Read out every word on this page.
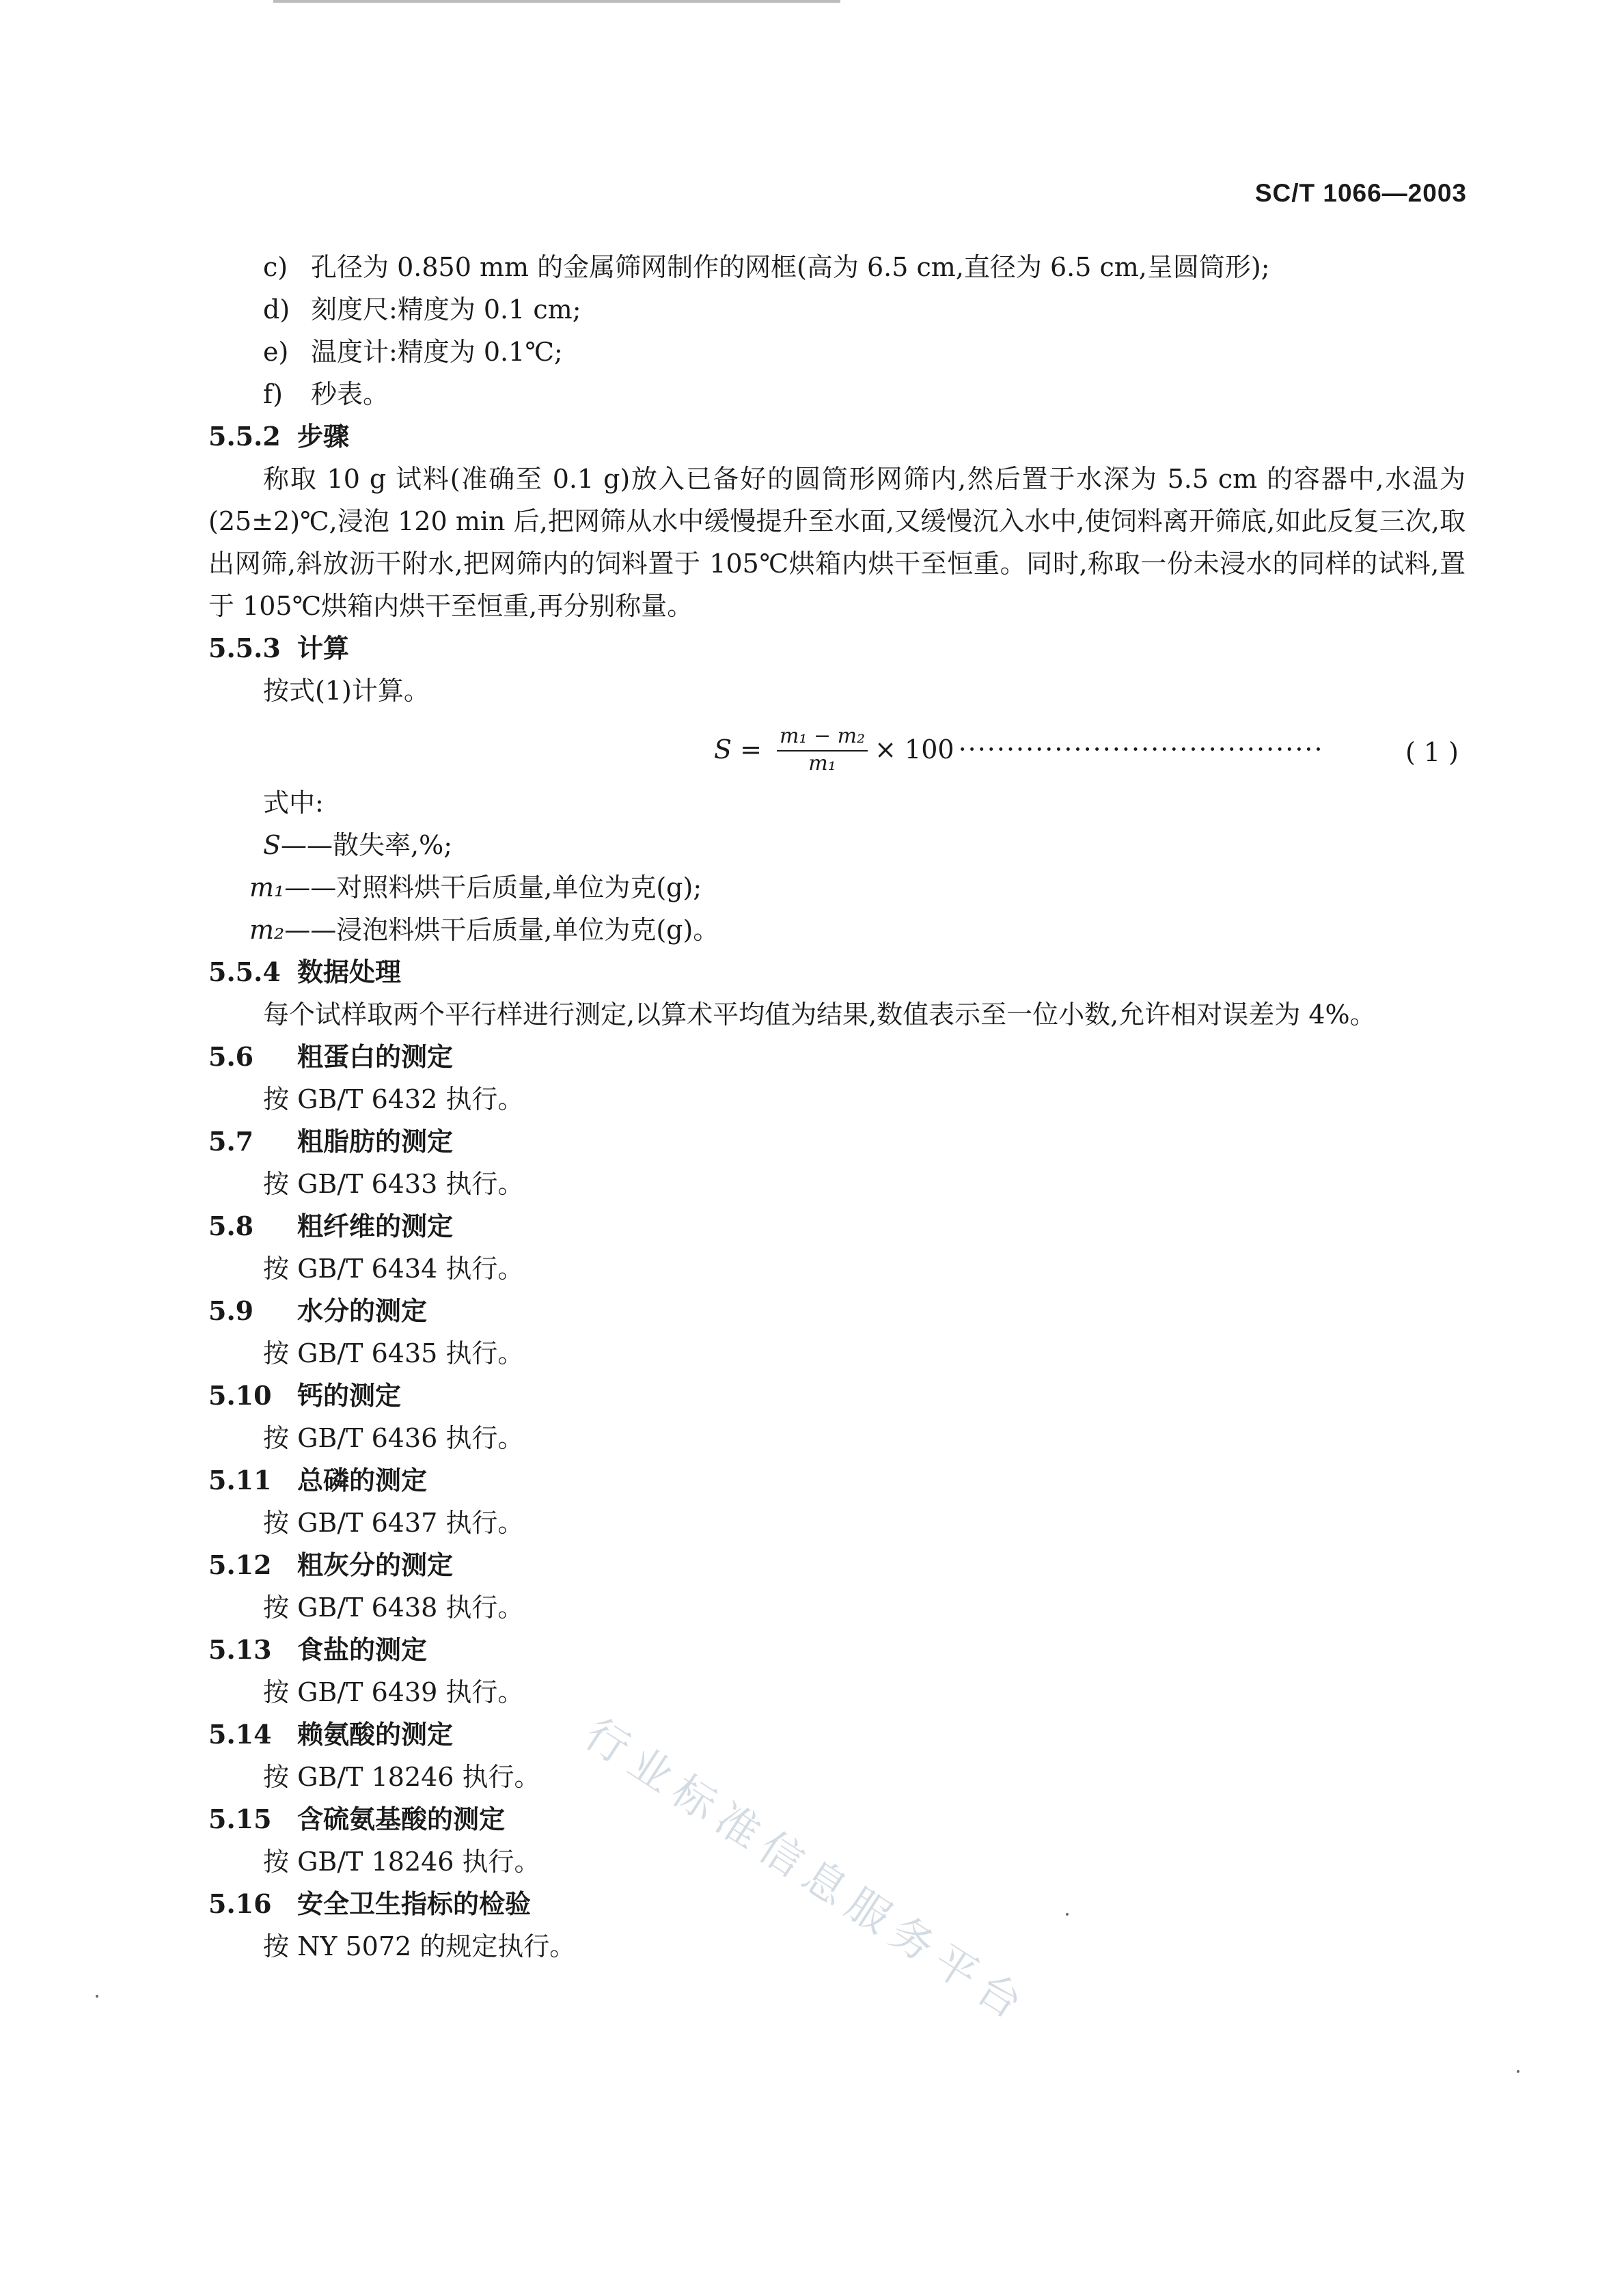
SC/T 1066—2003
c) 孔径为 0.850 mm 的金属筛网制作的网框(高为 6.5 cm,直径为 6.5 cm,呈圆筒形);
d) 刻度尺:精度为 0.1 cm;
e) 温度计:精度为 0.1℃;
f) 秒表。
5.5.2 步骤
称取 10 g 试料(准确至 0.1 g)放入已备好的圆筒形网筛内,然后置于水深为 5.5 cm 的容器中,水温为(25±2)℃,浸泡 120 min 后,把网筛从水中缓慢提升至水面,又缓慢沉入水中,使饲料离开筛底,如此反复三次,取出网筛,斜放沥干附水,把网筛内的饲料置于 105℃烘箱内烘干至恒重。同时,称取一份未浸水的同样的试料,置于 105℃烘箱内烘干至恒重,再分别称量。
5.5.3 计算
按式(1)计算。
$S = \frac{\text{m₁ − m₂}}{\text{m₁}} \times 100$ ······································	( 1 )
式中:
S——散失率,%;
m₁——对照料烘干后质量,单位为克(g);
m₂——浸泡料烘干后质量,单位为克(g)。
5.5.4 数据处理
每个试样取两个平行样进行测定,以算术平均值为结果,数值表示至一位小数,允许相对误差为 4%。
5.6 粗蛋白的测定
按 GB/T 6432 执行。
5.7 粗脂肪的测定
按 GB/T 6433 执行。
5.8 粗纤维的测定
按 GB/T 6434 执行。
5.9 水分的测定
按 GB/T 6435 执行。
5.10 钙的测定
按 GB/T 6436 执行。
5.11 总磷的测定
按 GB/T 6437 执行。
5.12 粗灰分的测定
按 GB/T 6438 执行。
5.13 食盐的测定
按 GB/T 6439 执行。
5.14 赖氨酸的测定
按 GB/T 18246 执行。
5.15 含硫氨基酸的测定
按 GB/T 18246 执行。
5.16 安全卫生指标的检验
按 NY 5072 的规定执行。 行业标准信息服务平台
